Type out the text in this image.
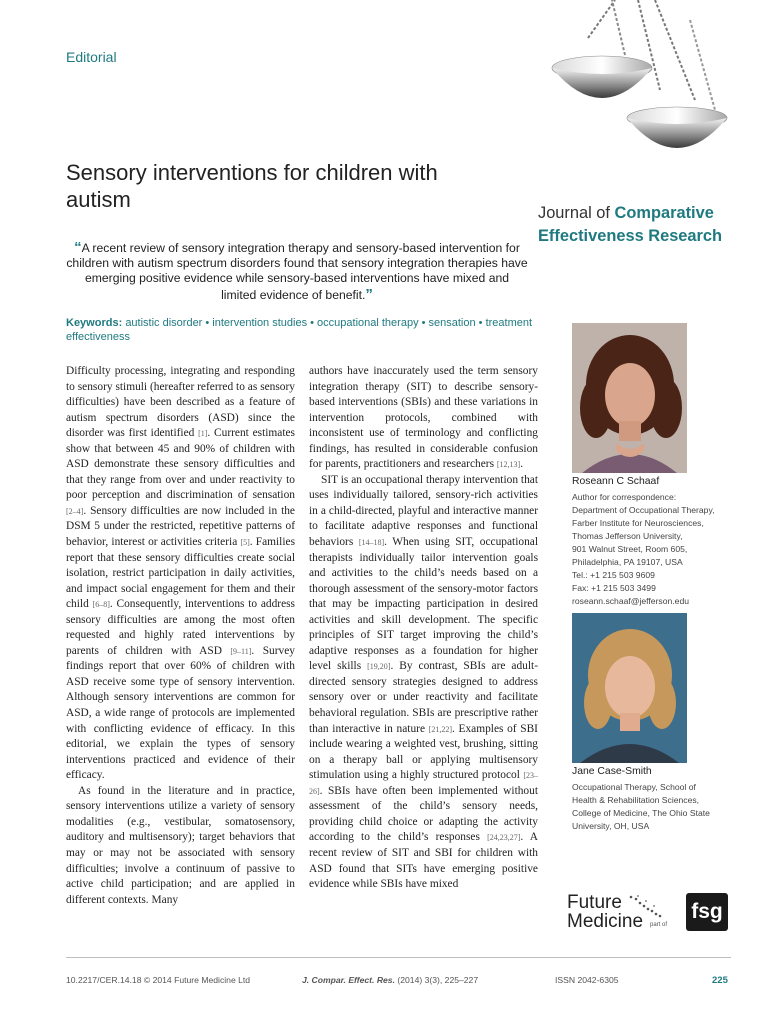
Editorial
Sensory interventions for children with autism
Journal of Comparative Effectiveness Research
“A recent review of sensory integration therapy and sensory-based intervention for children with autism spectrum disorders found that sensory integration therapies have emerging positive evidence while sensory-based interventions have mixed and limited evidence of benefit.”
Keywords: autistic disorder • intervention studies • occupational therapy • sensation • treatment effectiveness

Difficulty processing, integrating and responding to sensory stimuli (hereafter referred to as sensory difficulties) have been described as a feature of autism spectrum disorders (ASD) since the disorder was first identified [1]. Current estimates show that between 45 and 90% of children with ASD demonstrate these sensory difficulties and that they range from over and under reactivity to poor perception and discrimination of sensation [2–4]. Sensory difficulties are now included in the DSM 5 under the restricted, repetitive patterns of behavior, interest or activities criteria [5]. Families report that these sensory difficulties create social isolation, restrict participation in daily activities, and impact social engagement for them and their child [6–8]. Consequently, interventions to address sensory difficulties are among the most often requested and highly rated interventions by parents of children with ASD [9–11]. Survey findings report that over 60% of children with ASD receive some type of sensory intervention. Although sensory interventions are common for ASD, a wide range of protocols are implemented with conflicting evidence of efficacy. In this editorial, we explain the types of sensory interventions practiced and evidence of their efficacy.

As found in the literature and in practice, sensory interventions utilize a variety of sensory modalities (e.g., vestibular, somatosensory, auditory and multisensory); target behaviors that may or may not be associated with sensory difficulties; involve a continuum of passive to active child participation; and are applied in different contexts. Many

authors have inaccurately used the term sensory integration therapy (SIT) to describe sensory-based interventions (SBIs) and these variations in intervention protocols, combined with inconsistent use of terminology and conflicting findings, has resulted in considerable confusion for parents, practitioners and researchers [12,13].

SIT is an occupational therapy intervention that uses individually tailored, sensory-rich activities in a child-directed, playful and interactive manner to facilitate adaptive responses and functional behaviors [14–18]. When using SIT, occupational therapists individually tailor intervention goals and activities to the child’s needs based on a thorough assessment of the sensory-motor factors that may be impacting participation in desired activities and skill development. The specific principles of SIT target improving the child’s adaptive responses as a foundation for higher level skills [19,20]. By contrast, SBIs are adult-directed sensory strategies designed to address sensory over or under reactivity and facilitate behavioral regulation. SBIs are prescriptive rather than interactive in nature [21,22]. Examples of SBI include wearing a weighted vest, brushing, sitting on a therapy ball or applying multisensory stimulation using a highly structured protocol [23–26]. SBIs have often been implemented without assessment of the child’s sensory needs, providing child choice or adapting the activity according to the child’s responses [24,23,27]. A recent review of SIT and SBI for children with ASD found that SITs have emerging positive evidence while SBIs have mixed

Roseann C Schaaf
Author for correspondence:
Department of Occupational Therapy,
Farber Institute for Neurosciences,
Thomas Jefferson University,
901 Walnut Street, Room 605,
Philadelphia, PA 19107, USA
Tel.: +1 215 503 9609
Fax: +1 215 503 3499
roseann.schaaf@jefferson.edu
Jane Case-Smith
Occupational Therapy, School of
Health & Rehabilitation Sciences,
College of Medicine, The Ohio State
University, OH, USA
Future
Medicine part of
fsg
10.2217/CER.14.18 © 2014 Future Medicine Ltd	J. Compar. Effect. Res. (2014) 3(3), 225–227	ISSN 2042-6305	225
